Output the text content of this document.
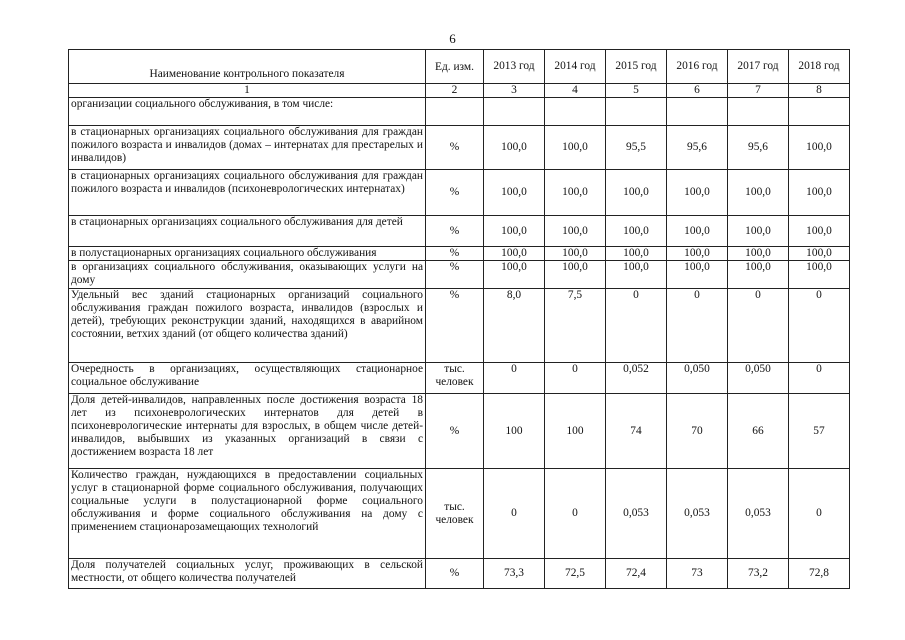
6
Наименование контрольного показателя	Ед. изм.	2013 год	2014 год	2015 год	2016 год	2017 год	2018 год
1	2	3	4	5	6	7	8
организации социального обслуживания, в том числе:							
в стационарных организациях социального обслуживания для граждан пожилого возраста и инвалидов (домах – интернатах для престарелых и инвалидов)	%	100,0	100,0	95,5	95,6	95,6	100,0
в стационарных организациях социального обслуживания для граждан пожилого возраста и инвалидов (психоневрологических интернатах)	%	100,0	100,0	100,0	100,0	100,0	100,0
в стационарных организациях социального обслуживания для детей	%	100,0	100,0	100,0	100,0	100,0	100,0
в полустационарных организациях социального обслуживания	%	100,0	100,0	100,0	100,0	100,0	100,0
в организациях социального обслуживания, оказывающих услуги на дому	%	100,0	100,0	100,0	100,0	100,0	100,0
Удельный вес зданий стационарных организаций социального обслуживания граждан пожилого возраста, инвалидов (взрослых и детей), требующих реконструкции зданий, находящихся в аварийном состоянии, ветхих зданий (от общего количества зданий)	%	8,0	7,5	0	0	0	0
Очередность в организациях, осуществляющих стационарное социальное обслуживание	тыс. человек	0	0	0,052	0,050	0,050	0
Доля детей-инвалидов, направленных после достижения возраста 18 лет из психоневрологических интернатов для детей в психоневрологические интернаты для взрослых, в общем числе детей-инвалидов, выбывших из указанных организаций в связи с достижением возраста 18 лет	%	100	100	74	70	66	57
Количество граждан, нуждающихся в предоставлении социальных услуг в стационарной форме социального обслуживания, получающих социальные услуги в полустационарной форме социального обслуживания и форме социального обслуживания на дому с применением стационарозамещающих технологий	тыс. человек	0	0	0,053	0,053	0,053	0
Доля получателей социальных услуг, проживающих в сельской местности, от общего количества получателей	%	73,3	72,5	72,4	73	73,2	72,8
